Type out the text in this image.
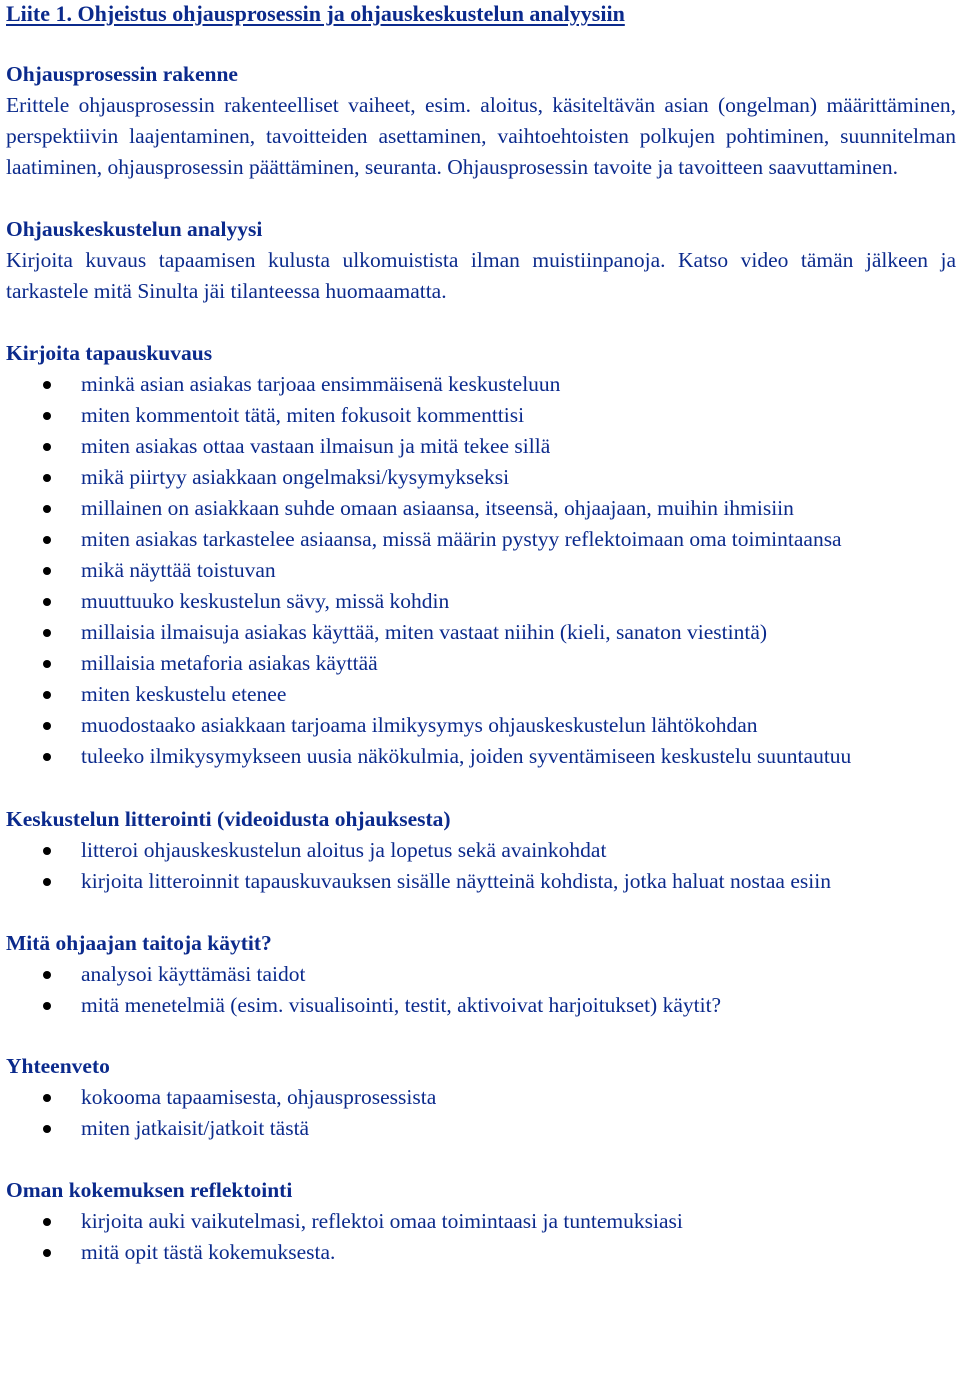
Liite 1. Ohjeistus ohjausprosessin ja ohjauskeskustelun analyysiin
Ohjausprosessin rakenne

Erittele ohjausprosessin rakenteelliset vaiheet, esim. aloitus, käsiteltävän asian (ongelman) määrittäminen, perspektiivin laajentaminen, tavoitteiden asettaminen, vaihtoehtoisten polkujen pohtiminen, suunnitelman laatiminen, ohjausprosessin päättäminen, seuranta. Ohjausprosessin tavoite ja tavoitteen saavuttaminen.

Ohjauskeskustelun analyysi

Kirjoita kuvaus tapaamisen kulusta ulkomuistista ilman muistiinpanoja. Katso video tämän jälkeen ja tarkastele mitä Sinulta jäi tilanteessa huomaamatta.

Kirjoita tapauskuvaus
minkä asian asiakas tarjoaa ensimmäisenä keskusteluun
miten kommentoit tätä, miten fokusoit kommenttisi
miten asiakas ottaa vastaan ilmaisun ja mitä tekee sillä
mikä piirtyy asiakkaan ongelmaksi/kysymykseksi
millainen on asiakkaan suhde omaan asiaansa, itseensä, ohjaajaan, muihin ihmisiin
miten asiakas tarkastelee asiaansa, missä määrin pystyy reflektoimaan oma toimintaansa
mikä näyttää toistuvan
muuttuuko keskustelun sävy, missä kohdin
millaisia ilmaisuja asiakas käyttää, miten vastaat niihin (kieli, sanaton viestintä)
millaisia metaforia asiakas käyttää
miten keskustelu etenee
muodostaako asiakkaan tarjoama ilmikysymys ohjauskeskustelun lähtökohdan
tuleeko ilmikysymykseen uusia näkökulmia, joiden syventämiseen keskustelu suuntautuu
Keskustelun litterointi (videoidusta ohjauksesta)
litteroi ohjauskeskustelun aloitus ja lopetus sekä avainkohdat
kirjoita litteroinnit tapauskuvauksen sisälle näytteinä kohdista, jotka haluat nostaa esiin
Mitä ohjaajan taitoja käytit?
analysoi käyttämäsi taidot
mitä menetelmiä (esim. visualisointi, testit, aktivoivat harjoitukset) käytit?
Yhteenveto
kokooma tapaamisesta, ohjausprosessista
miten jatkaisit/jatkoit tästä
Oman kokemuksen reflektointi
kirjoita auki vaikutelmasi, reflektoi omaa toimintaasi ja tuntemuksiasi
mitä opit tästä kokemuksesta.
